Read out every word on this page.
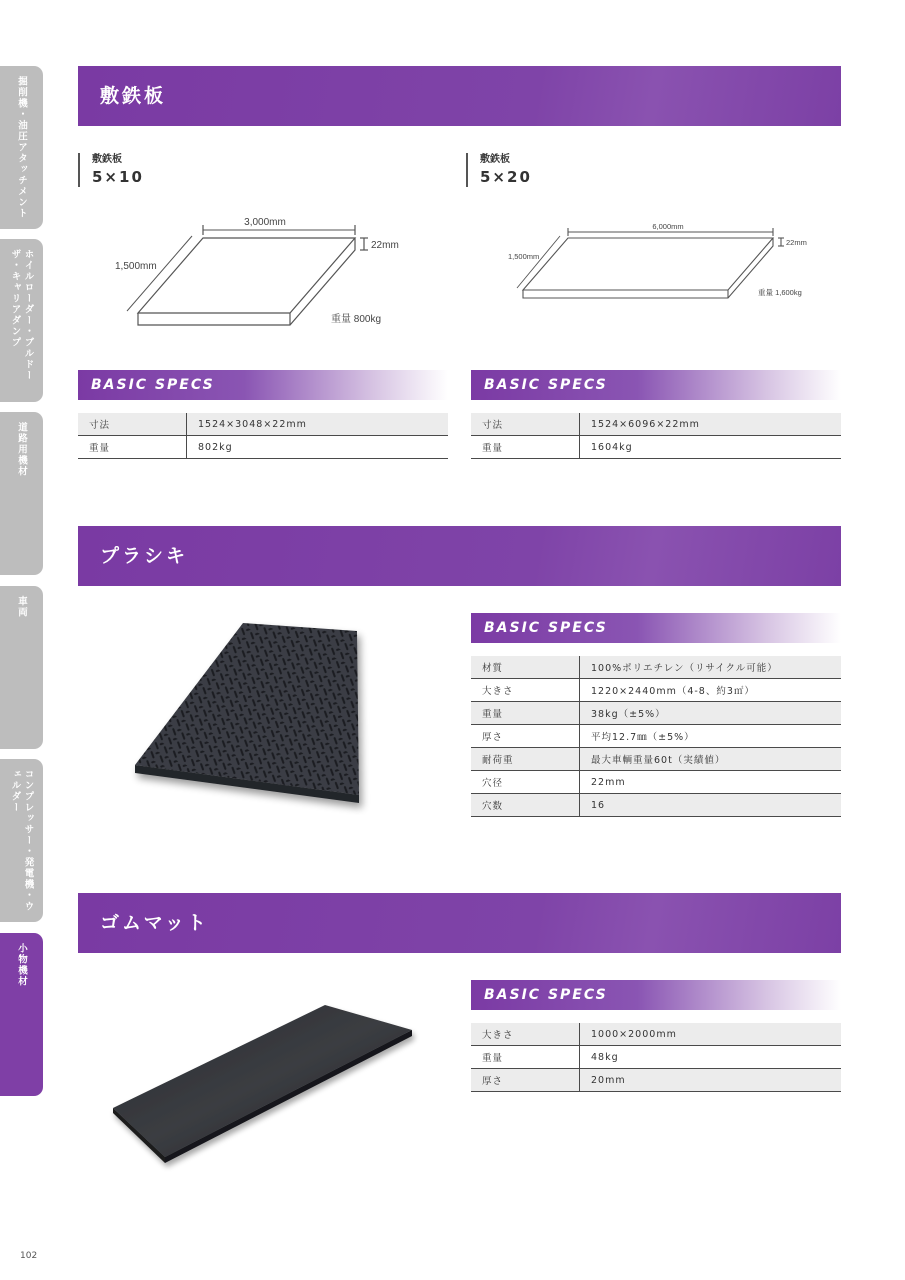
掘削機・油圧アタッチメント
ホイルローダー・ブルドーザ・キャリアダンプ
道路用機材
車両
コンプレッサー・発電機・ウェルダー
小物機材
敷鉄板
敷鉄板
5×10
敷鉄板
5×20
3,000mm
1,500mm
22mm
重量 800kg
6,000mm
1,500mm
22mm
重量 1,600kg
BASIC SPECS
寸法	1524×3048×22mm
重量	802kg
BASIC SPECS
寸法	1524×6096×22mm
重量	1604kg
プラシキ
BASIC SPECS
材質	100%ポリエチレン（リサイクル可能）
大きさ	1220×2440mm（4-8、約3㎡）
重量	38kg（±5%）
厚さ	平均12.7㎜（±5%）
耐荷重	最大車輌重量60t（実績値）
穴径	22mm
穴数	16
ゴムマット
BASIC SPECS
大きさ	1000×2000mm
重量	48kg
厚さ	20mm
102
